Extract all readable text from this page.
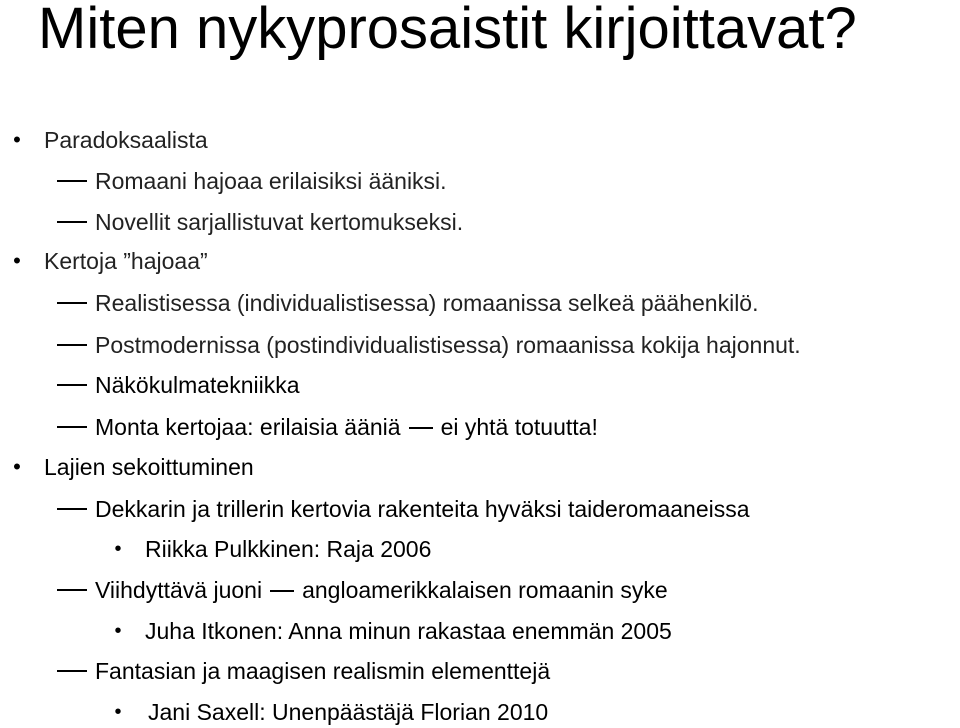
Miten nykyprosaistit kirjoittavat?
• Paradoksaalista
Romaani hajoaa erilaisiksi ääniksi.
Novellit sarjallistuvat kertomukseksi.
• Kertoja ”hajoaa”
Realistisessa (individualistisessa) romaanissa selkeä päähenkilö.
Postmodernissa (postindividualistisessa) romaanissa kokija hajonnut.
Näkökulmatekniikka
Monta kertojaa: erilaisia ääniä ei yhtä totuutta!
• Lajien sekoittuminen
Dekkarin ja trillerin kertovia rakenteita hyväksi taideromaaneissa
• Riikka Pulkkinen: Raja 2006
Viihdyttävä juoni angloamerikkalaisen romaanin syke
• Juha Itkonen: Anna minun rakastaa enemmän 2005
Fantasian ja maagisen realismin elementtejä
• Jani Saxell: Unenpäästäjä Florian 2010
